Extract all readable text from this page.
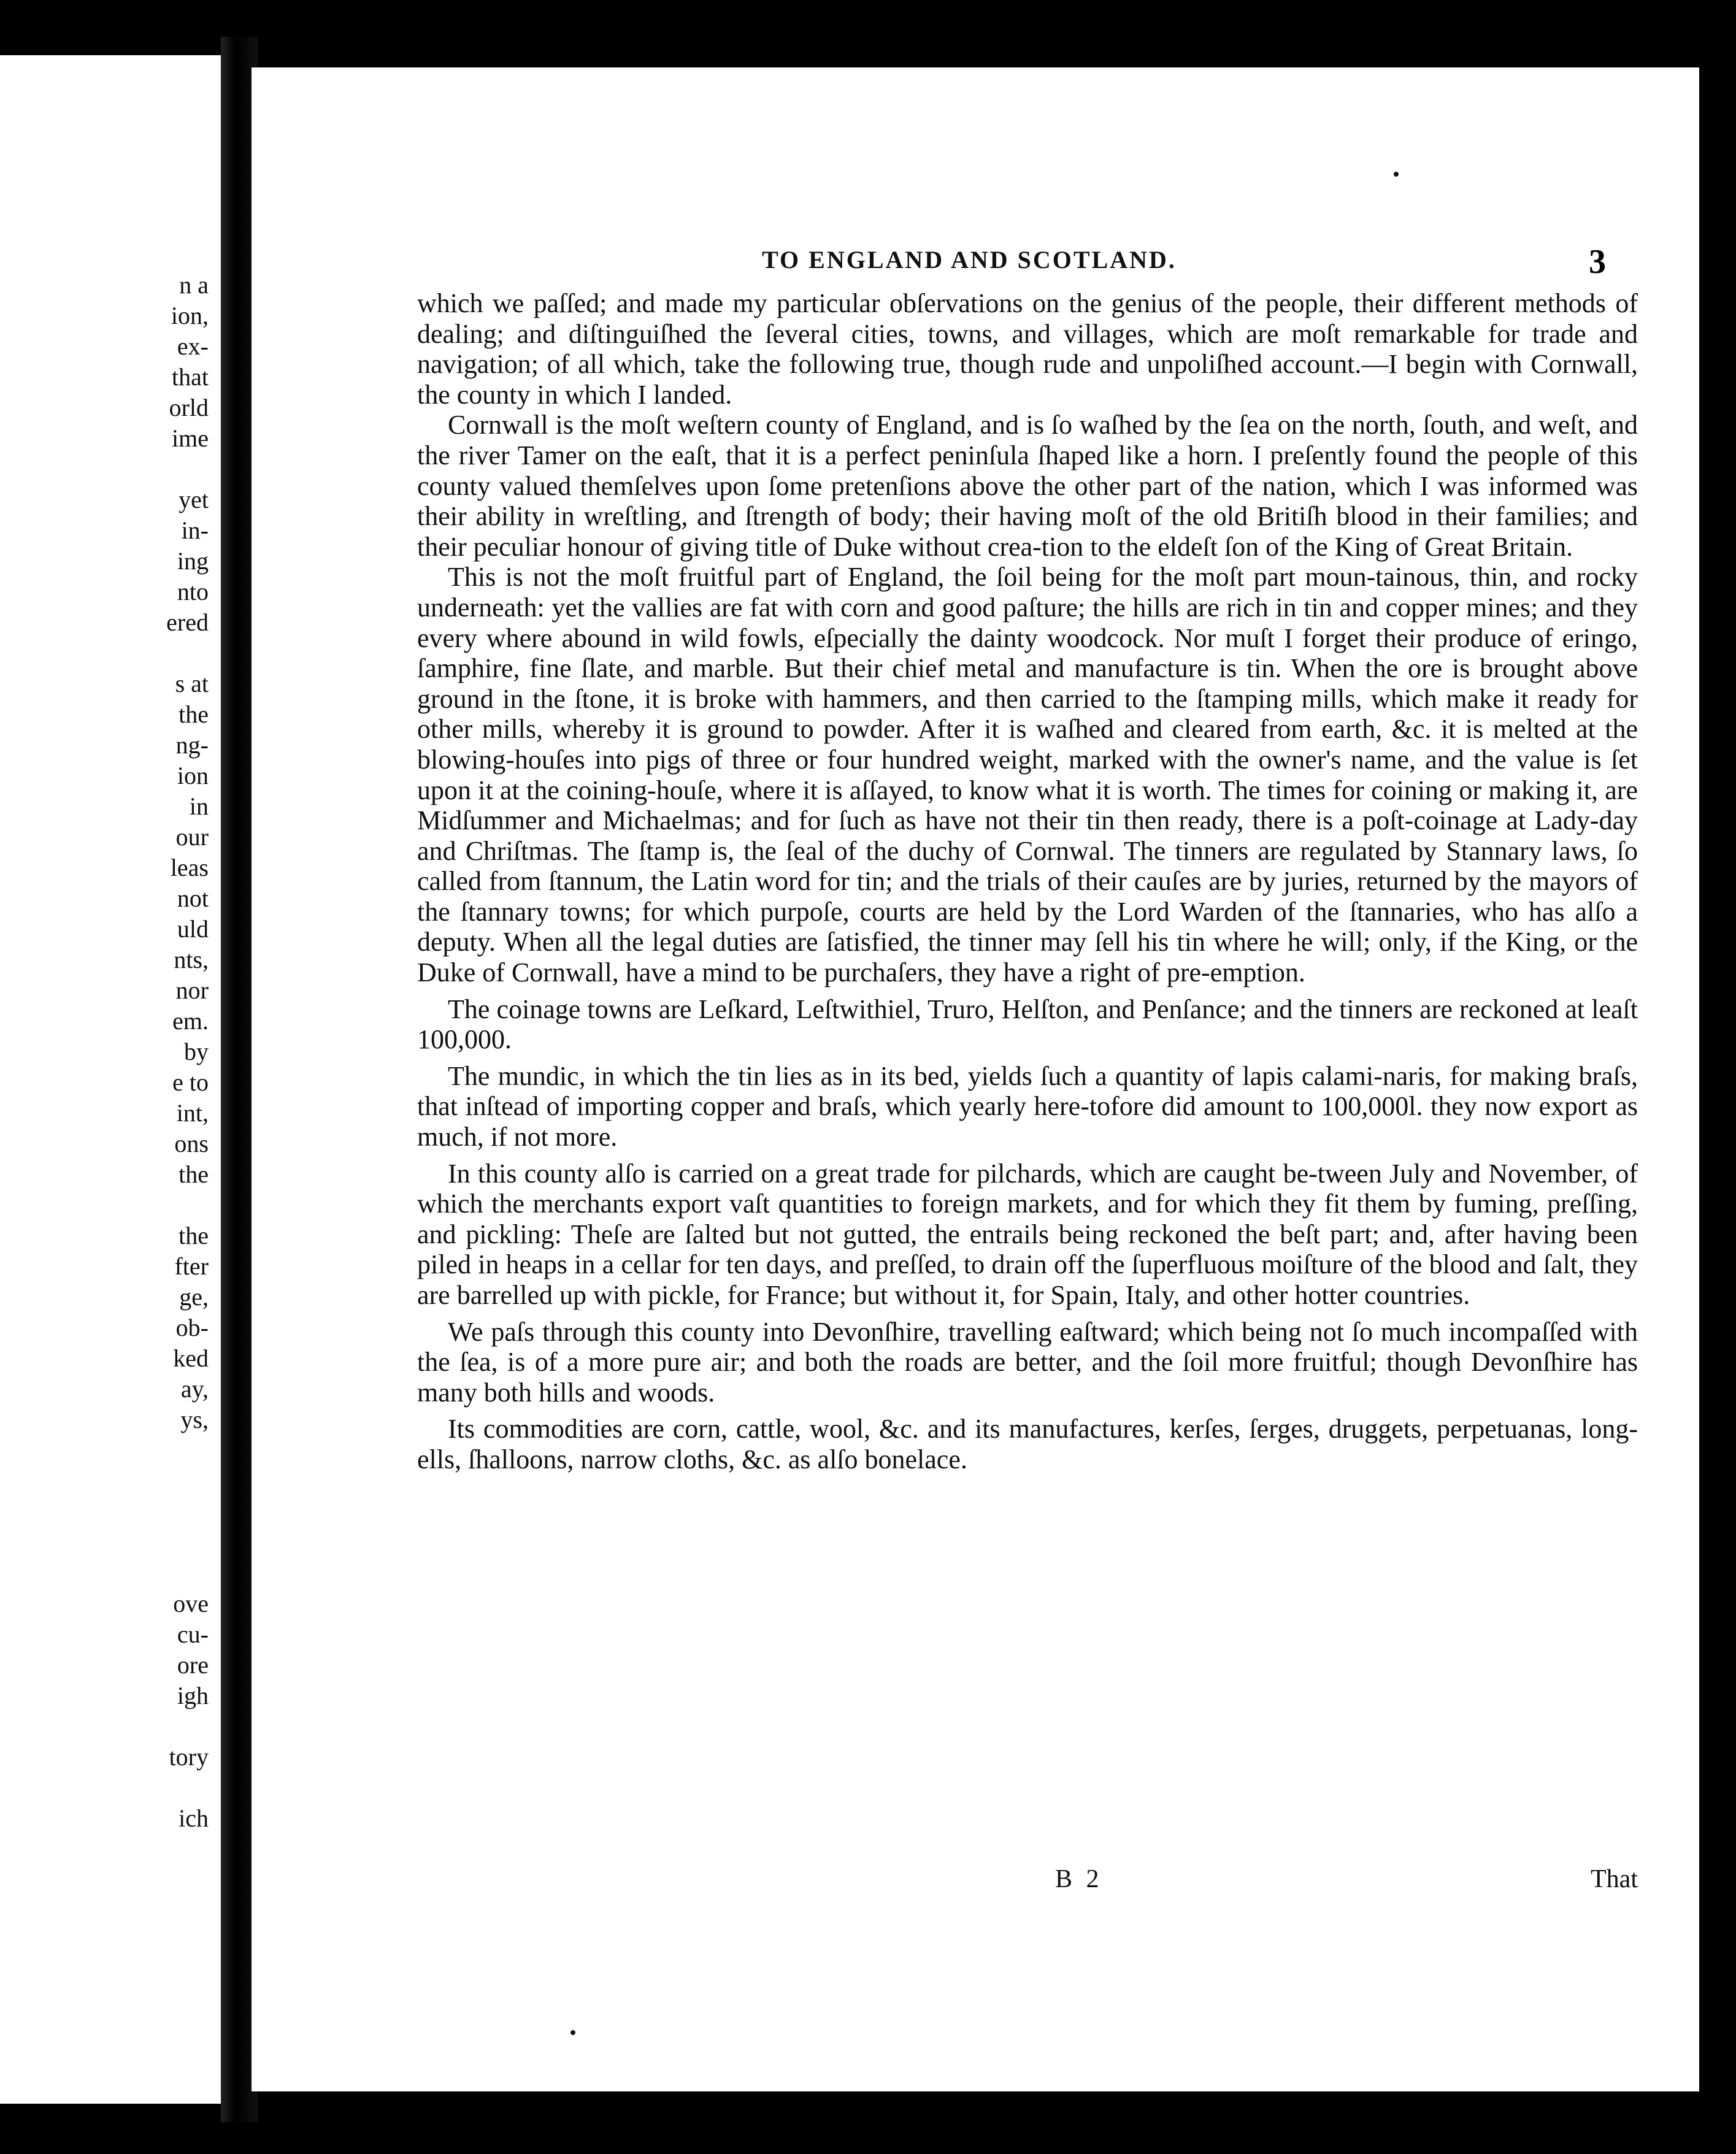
n a
ion,
ex-
that
orld
ime

yet
in-
ing
nto
ered

s at
the
ng-
ion
in
our
leas
not
uld
nts,
nor
em.
by
e to
int,
ons
the

the
fter
ge,
ob-
ked
ay,
ys,

ove
cu-
ore
igh

tory

ich
TO ENGLAND AND SCOTLAND.	3

which we paſſed; and made my particular obſervations on the genius of the people, their different methods of dealing; and diſtinguiſhed the ſeveral cities, towns, and villages, which are moſt remarkable for trade and navigation; of all which, take the following true, though rude and unpoliſhed account.—I begin with Cornwall, the county in which I landed.

Cornwall is the moſt weſtern county of England, and is ſo waſhed by the ſea on the north, ſouth, and weſt, and the river Tamer on the eaſt, that it is a perfect peninſula ſhaped like a horn. I preſently found the people of this county valued themſelves upon ſome pretenſions above the other part of the nation, which I was informed was their ability in wreſtling, and ſtrength of body; their having moſt of the old Britiſh blood in their families; and their peculiar honour of giving title of Duke without crea-tion to the eldeſt ſon of the King of Great Britain.

This is not the moſt fruitful part of England, the ſoil being for the moſt part moun-tainous, thin, and rocky underneath: yet the vallies are fat with corn and good paſture; the hills are rich in tin and copper mines; and they every where abound in wild fowls, eſpecially the dainty woodcock. Nor muſt I forget their produce of eringo, ſamphire, fine ſlate, and marble. But their chief metal and manufacture is tin. When the ore is brought above ground in the ſtone, it is broke with hammers, and then carried to the ſtamping mills, which make it ready for other mills, whereby it is ground to powder. After it is waſhed and cleared from earth, &c. it is melted at the blowing-houſes into pigs of three or four hundred weight, marked with the owner's name, and the value is ſet upon it at the coining-houſe, where it is aſſayed, to know what it is worth. The times for coining or making it, are Midſummer and Michaelmas; and for ſuch as have not their tin then ready, there is a poſt-coinage at Lady-day and Chriſtmas. The ſtamp is, the ſeal of the duchy of Cornwal. The tinners are regulated by Stannary laws, ſo called from ſtannum, the Latin word for tin; and the trials of their cauſes are by juries, returned by the mayors of the ſtannary towns; for which purpoſe, courts are held by the Lord Warden of the ſtannaries, who has alſo a deputy. When all the legal duties are ſatisfied, the tinner may ſell his tin where he will; only, if the King, or the Duke of Cornwall, have a mind to be purchaſers, they have a right of pre-emption.

The coinage towns are Leſkard, Leſtwithiel, Truro, Helſton, and Penſance; and the tinners are reckoned at leaſt 100,000.

The mundic, in which the tin lies as in its bed, yields ſuch a quantity of lapis calami-naris, for making braſs, that inſtead of importing copper and braſs, which yearly here-tofore did amount to 100,000l. they now export as much, if not more.

In this county alſo is carried on a great trade for pilchards, which are caught be-tween July and November, of which the merchants export vaſt quantities to foreign markets, and for which they fit them by fuming, preſſing, and pickling: Theſe are ſalted but not gutted, the entrails being reckoned the beſt part; and, after having been piled in heaps in a cellar for ten days, and preſſed, to drain off the ſuperfluous moiſture of the blood and ſalt, they are barrelled up with pickle, for France; but without it, for Spain, Italy, and other hotter countries.

We paſs through this county into Devonſhire, travelling eaſtward; which being not ſo much incompaſſed with the ſea, is of a more pure air; and both the roads are better, and the ſoil more fruitful; though Devonſhire has many both hills and woods.

Its commodities are corn, cattle, wool, &c. and its manufactures, kerſes, ſerges, druggets, perpetuanas, long-ells, ſhalloons, narrow cloths, &c. as alſo bonelace.

B 2	That
